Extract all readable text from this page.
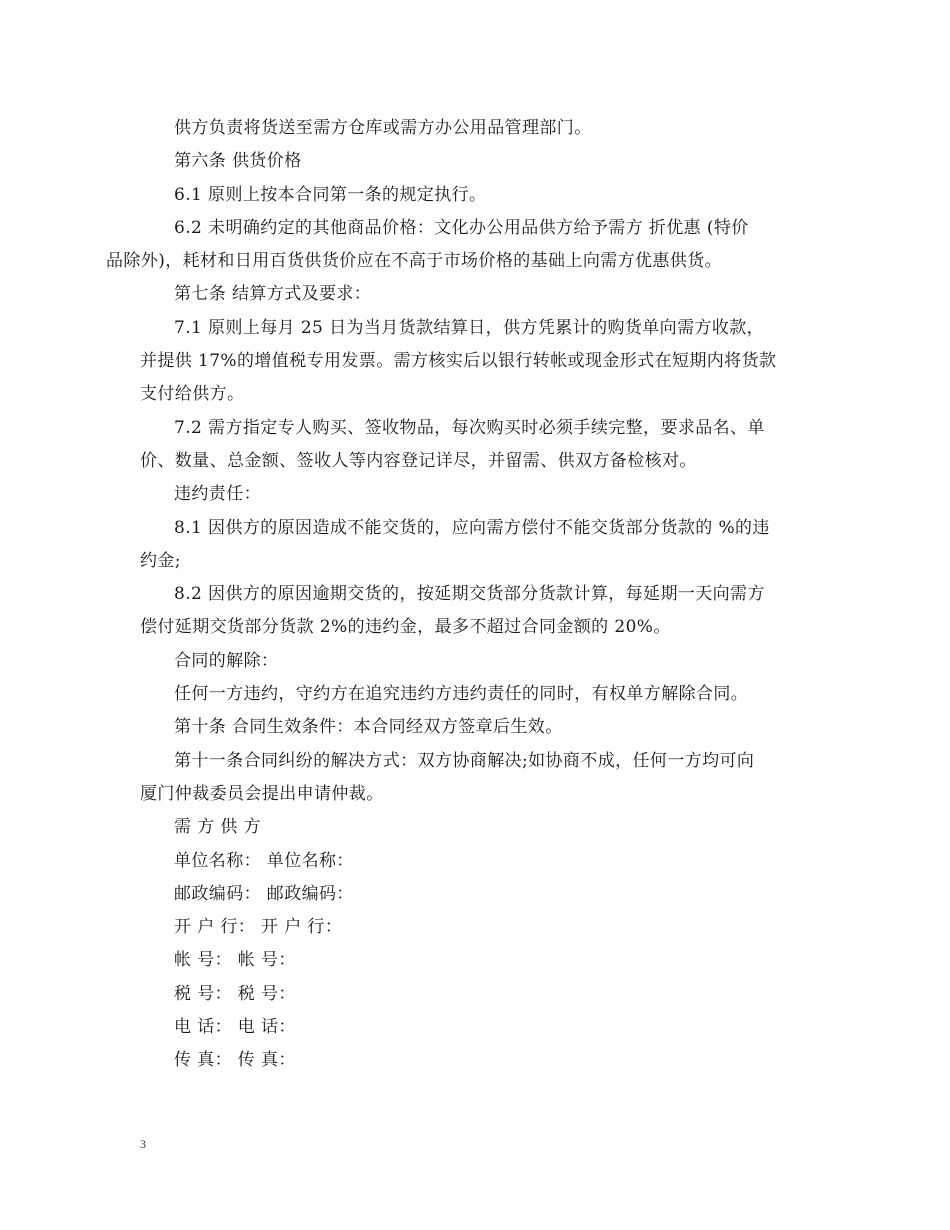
供方负责将货送至需方仓库或需方办公用品管理部门。

第六条 供货价格

6.1 原则上按本合同第一条的规定执行。

6.2 未明确约定的其他商品价格：文化办公用品供方给予需方 折优惠 (特价
品除外)，耗材和日用百货供货价应在不高于市场价格的基础上向需方优惠供货。

第七条 结算方式及要求：

7.1 原则上每月 25 日为当月货款结算日，供方凭累计的购货单向需方收款，
并提供 17%的增值税专用发票。需方核实后以银行转帐或现金形式在短期内将货款
支付给供方。

7.2 需方指定专人购买、签收物品，每次购买时必须手续完整，要求品名、单
价、数量、总金额、签收人等内容登记详尽，并留需、供双方备检核对。

违约责任：

8.1 因供方的原因造成不能交货的，应向需方偿付不能交货部分货款的 %的违
约金;

8.2 因供方的原因逾期交货的，按延期交货部分货款计算，每延期一天向需方
偿付延期交货部分货款 2%的违约金，最多不超过合同金额的 20%。

合同的解除：

任何一方违约，守约方在追究违约方违约责任的同时，有权单方解除合同。

第十条 合同生效条件：本合同经双方签章后生效。

第十一条合同纠纷的解决方式：双方协商解决;如协商不成，任何一方均可向
厦门仲裁委员会提出申请仲裁。

需 方 供 方

单位名称： 单位名称：

邮政编码： 邮政编码：

开 户 行： 开 户 行：

帐 号： 帐 号：

税 号： 税 号：

电 话： 电 话：

传 真： 传 真：

3
